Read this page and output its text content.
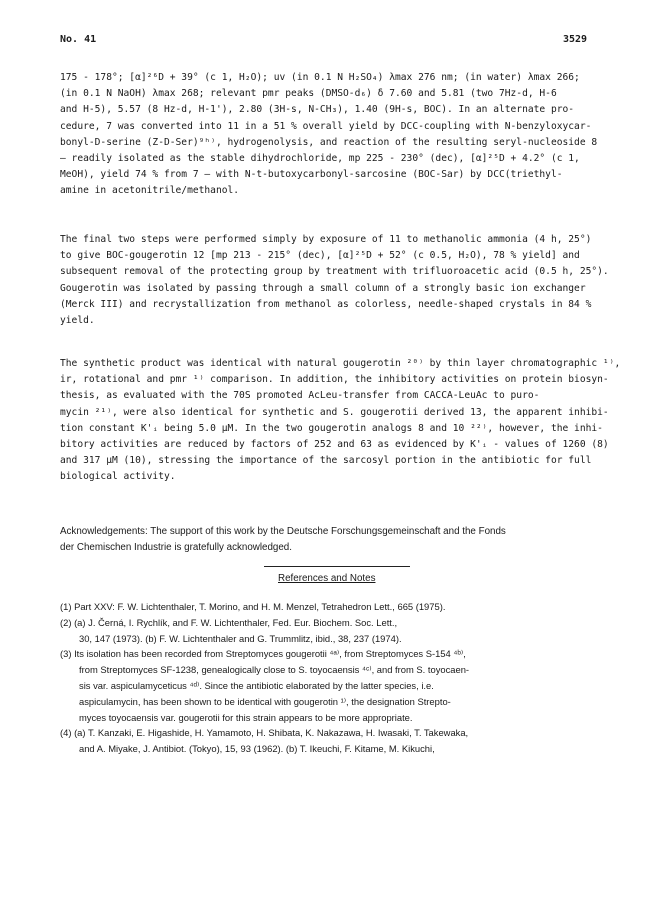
No. 41	3529
175 - 178°; [α]²⁶D + 39° (c 1, H₂O); uv (in 0.1 N H₂SO₄) λmax 276 nm; (in water) λmax 266;
(in 0.1 N NaOH) λmax 268; relevant pmr peaks (DMSO-d₆) δ 7.60 and 5.81 (two 7Hz-d, H-6
and H-5), 5.57 (8 Hz-d, H-1'), 2.80 (3H-s, N-CH₃), 1.40 (9H-s, BOC). In an alternate pro-
cedure, 7 was converted into 11 in a 51 % overall yield by DCC-coupling with N-benzyloxycar-
bonyl-D-serine (Z-D-Ser)⁹ʰ⁾, hydrogenolysis, and reaction of the resulting seryl-nucleoside 8
— readily isolated as the stable dihydrochloride, mp 225 - 230° (dec), [α]²⁵D + 4.2° (c 1,
MeOH), yield 74 % from 7 — with N-t-butoxycarbonyl-sarcosine (BOC-Sar) by DCC(triethyl-
amine in acetonitrile/methanol.
The final two steps were performed simply by exposure of 11 to methanolic ammonia (4 h, 25°)
to give BOC-gougerotin 12 [mp 213 - 215° (dec), [α]²⁵D + 52° (c 0.5, H₂O), 78 % yield] and
subsequent removal of the protecting group by treatment with trifluoroacetic acid (0.5 h, 25°).
Gougerotin was isolated by passing through a small column of a strongly basic ion exchanger
(Merck III) and recrystallization from methanol as colorless, needle-shaped crystals in 84 %
yield.
The synthetic product was identical with natural gougerotin ²⁰⁾ by thin layer chromatographic ¹⁾,
ir, rotational and pmr ¹⁾ comparison. In addition, the inhibitory activities on protein biosyn-
thesis, as evaluated with the 70S promoted AcLeu-transfer from CACCA-LeuAc to puro-
mycin ²¹⁾, were also identical for synthetic and S. gougerotii derived 13, the apparent inhibi-
tion constant K'ᵢ being 5.0 μM. In the two gougerotin analogs 8 and 10 ²²⁾, however, the inhi-
bitory activities are reduced by factors of 252 and 63 as evidenced by K'ᵢ - values of 1260 (8)
and 317 μM (10), stressing the importance of the sarcosyl portion in the antibiotic for full
biological activity.
Acknowledgements: The support of this work by the Deutsche Forschungsgemeinschaft and the Fonds
der Chemischen Industrie is gratefully acknowledged.
References and Notes
(1) Part XXV: F. W. Lichtenthaler, T. Morino, and H. M. Menzel, Tetrahedron Lett., 665 (1975).
(2) (a) J. Černá, I. Rychlík, and F. W. Lichtenthaler, Fed. Eur. Biochem. Soc. Lett.,
30, 147 (1973). (b) F. W. Lichtenthaler and G. Trummlitz, ibid., 38, 237 (1974).
(3) Its isolation has been recorded from Streptomyces gougerotii ⁴ᵃ⁾, from Streptomyces S-154 ⁴ᵇ⁾,
from Streptomyces SF-1238, genealogically close to S. toyocaensis ⁴ᶜ⁾, and from S. toyocaen-
sis var. aspiculamyceticus ⁴ᵈ⁾. Since the antibiotic elaborated by the latter species, i.e.
aspiculamycin, has been shown to be identical with gougerotin ¹⁾, the designation Strepto-
myces toyocaensis var. gougerotii for this strain appears to be more appropriate.
(4) (a) T. Kanzaki, E. Higashide, H. Yamamoto, H. Shibata, K. Nakazawa, H. Iwasaki, T. Takewaka,
and A. Miyake, J. Antibiot. (Tokyo), 15, 93 (1962). (b) T. Ikeuchi, F. Kitame, M. Kikuchi,
